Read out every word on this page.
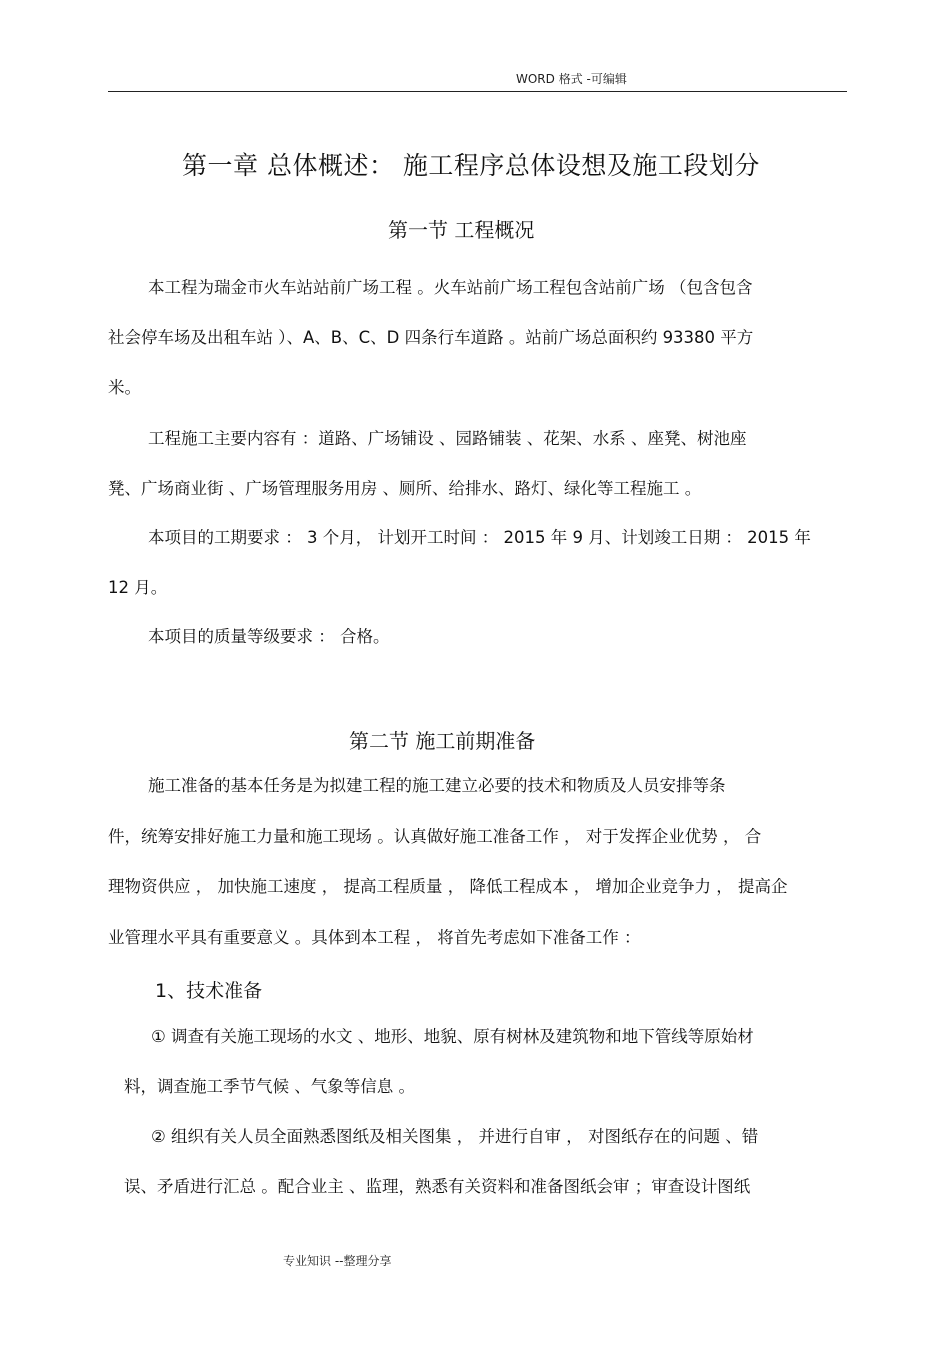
WORD 格式 -可编辑
第一章 总体概述： 施工程序总体设想及施工段划分
第一节 工程概况
本工程为瑞金市火车站站前广场工程 。火车站前广场工程包含站前广场 （包含包含
社会停车场及出租车站 ）、A、B、C、D 四条行车道路 。站前广场总面积约 93380 平方
米。
工程施工主要内容有 ：道路、广场铺设 、园路铺装 、花架、水系 、座凳、树池座
凳、广场商业街 、广场管理服务用房 、厕所、给排水、路灯、绿化等工程施工 。
本项目的工期要求 ： 3 个月， 计划开工时间 ： 2015 年 9 月、计划竣工日期 ： 2015 年
12 月。
本项目的质量等级要求 ： 合格。
第二节 施工前期准备
施工准备的基本任务是为拟建工程的施工建立必要的技术和物质及人员安排等条
件，统筹安排好施工力量和施工现场 。认真做好施工准备工作 ， 对于发挥企业优势 ， 合
理物资供应 ， 加快施工速度 ， 提高工程质量 ， 降低工程成本 ， 增加企业竞争力 ， 提高企
业管理水平具有重要意义 。具体到本工程 ， 将首先考虑如下准备工作 ：
1、技术准备
① 调查有关施工现场的水文 、地形、地貌、原有树林及建筑物和地下管线等原始材
料，调查施工季节气候 、气象等信息 。
② 组织有关人员全面熟悉图纸及相关图集 ， 并进行自审 ， 对图纸存在的问题 、错
误、矛盾进行汇总 。配合业主 、监理，熟悉有关资料和准备图纸会审 ；审查设计图纸
专业知识 --整理分享
